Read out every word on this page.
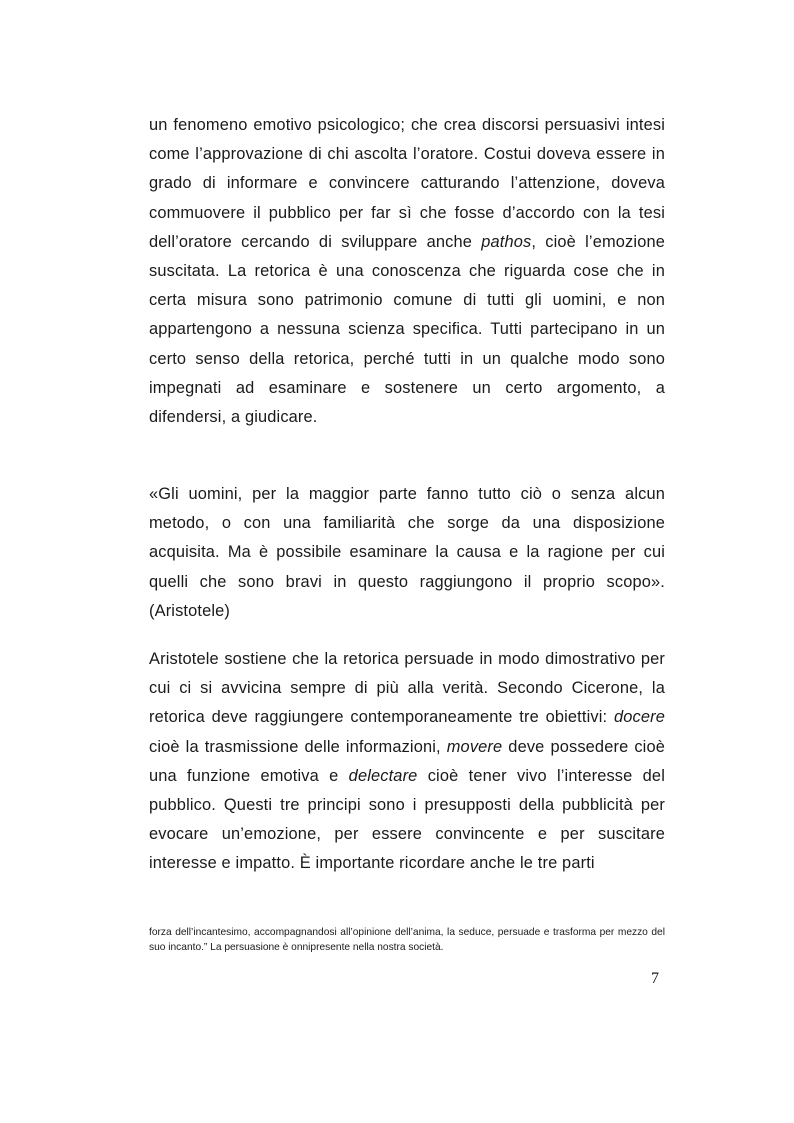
un fenomeno emotivo psicologico; che crea discorsi persuasivi intesi come l’approvazione di chi ascolta l’oratore. Costui doveva essere in grado di informare e convincere catturando l’attenzione, doveva commuovere il pubblico per far sì che fosse d’accordo con la tesi dell’oratore cercando di sviluppare anche pathos, cioè l’emozione suscitata. La retorica è una conoscenza che riguarda cose che in certa misura sono patrimonio comune di tutti gli uomini, e non appartengono a nessuna scienza specifica. Tutti partecipano in un certo senso della retorica, perché tutti in un qualche modo sono impegnati ad esaminare e sostenere un certo argomento, a difendersi, a giudicare.

«Gli uomini, per la maggior parte fanno tutto ciò o senza alcun metodo, o con una familiarità che sorge da una disposizione acquisita. Ma è possibile esaminare la causa e la ragione per cui quelli che sono bravi in questo raggiungono il proprio scopo». (Aristotele)

Aristotele sostiene che la retorica persuade in modo dimostrativo per cui ci si avvicina sempre di più alla verità. Secondo Cicerone, la retorica deve raggiungere contemporaneamente tre obiettivi: docere cioè la trasmissione delle informazioni, movere deve possedere cioè una funzione emotiva e delectare cioè tener vivo l’interesse del pubblico. Questi tre principi sono i presupposti della pubblicità per evocare un’emozione, per essere convincente e per suscitare interesse e impatto. È importante ricordare anche le tre parti

forza dell’incantesimo, accompagnandosi all’opinione dell’anima, la seduce, persuade e trasforma per mezzo del suo incanto.” La persuasione è onnipresente nella nostra società.
7
